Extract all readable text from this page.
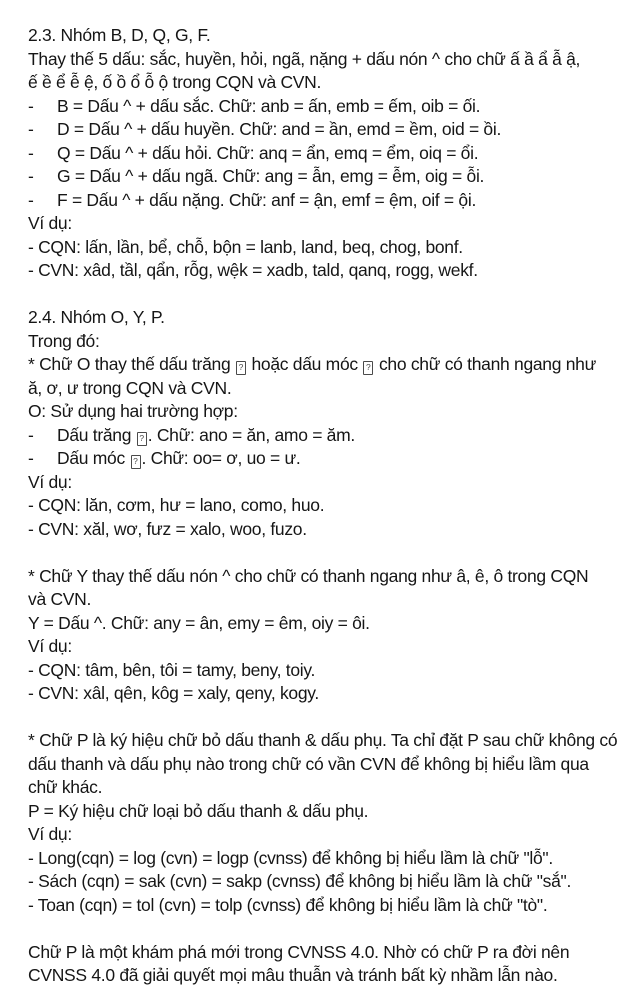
2.3. Nhóm B, D, Q, G, F.
Thay thế 5 dấu: sắc, huyền, hỏi, ngã, nặng + dấu nón ^ cho chữ ấ ầ ẩ ẫ ậ,
ế ề ể ễ ệ, ố ồ ổ ỗ ộ trong CQN và CVN.
-	B = Dấu ^ + dấu sắc. Chữ: anb = ấn, emb = ếm, oib = ối.
-	D = Dấu ^ + dấu huyền. Chữ: and = ần, emd = ềm, oid = ồi.
-	Q = Dấu ^ + dấu hỏi. Chữ: anq = ẩn, emq = ểm, oiq = ổi.
-	G = Dấu ^ + dấu ngã. Chữ: ang = ẫn, emg = ễm, oig = ỗi.
-	F = Dấu ^ + dấu nặng. Chữ: anf = ận, emf = ệm, oif = ội.
Ví dụ:
- CQN: lấn, lần, bể, chỗ, bộn = lanb, land, beq, chog, bonf.
- CVN: xâd, tầl, qẩn, rỗg, wệk = xadb, tald, qanq, rogg, wekf.
2.4. Nhóm O, Y, P.
Trong đó:
* Chữ O thay thế dấu trăng ? hoặc dấu móc ? cho chữ có thanh ngang như
ă, ơ, ư trong CQN và CVN.
O: Sử dụng hai trường hợp:
-	Dấu trăng ? . Chữ: ano = ăn, amo = ăm.
-	Dấu móc ? . Chữ: oo= ơ, uo = ư.
Ví dụ:
- CQN: lăn, cơm, hư = lano, como, huo.
- CVN: xăl, wơ, fưz = xalo, woo, fuzo.
* Chữ Y thay thế dấu nón ^ cho chữ có thanh ngang như â, ê, ô trong CQN
và CVN.
Y = Dấu ^. Chữ: any = ân, emy = êm, oiy = ôi.
Ví dụ:
- CQN: tâm, bên, tôi = tamy, beny, toiy.
- CVN: xâl, qên, kôg = xaly, qeny, kogy.
* Chữ P là ký hiệu chữ bỏ dấu thanh & dấu phụ. Ta chỉ đặt P sau chữ không có
dấu thanh và dấu phụ nào trong chữ có vần CVN để không bị hiểu lầm qua
chữ khác.
P = Ký hiệu chữ loại bỏ dấu thanh & dấu phụ.
Ví dụ:
- Long(cqn) = log (cvn) = logp (cvnss) để không bị hiểu lầm là chữ "lỗ".
- Sách (cqn) = sak (cvn) = sakp (cvnss) để không bị hiểu lầm là chữ "sắ".
- Toan (cqn) = tol (cvn) = tolp (cvnss) để không bị hiểu lầm là chữ "tò".
Chữ P là một khám phá mới trong CVNSS 4.0. Nhờ có chữ P ra đời nên
CVNSS 4.0 đã giải quyết mọi mâu thuẫn và tránh bất kỳ nhầm lẫn nào.
